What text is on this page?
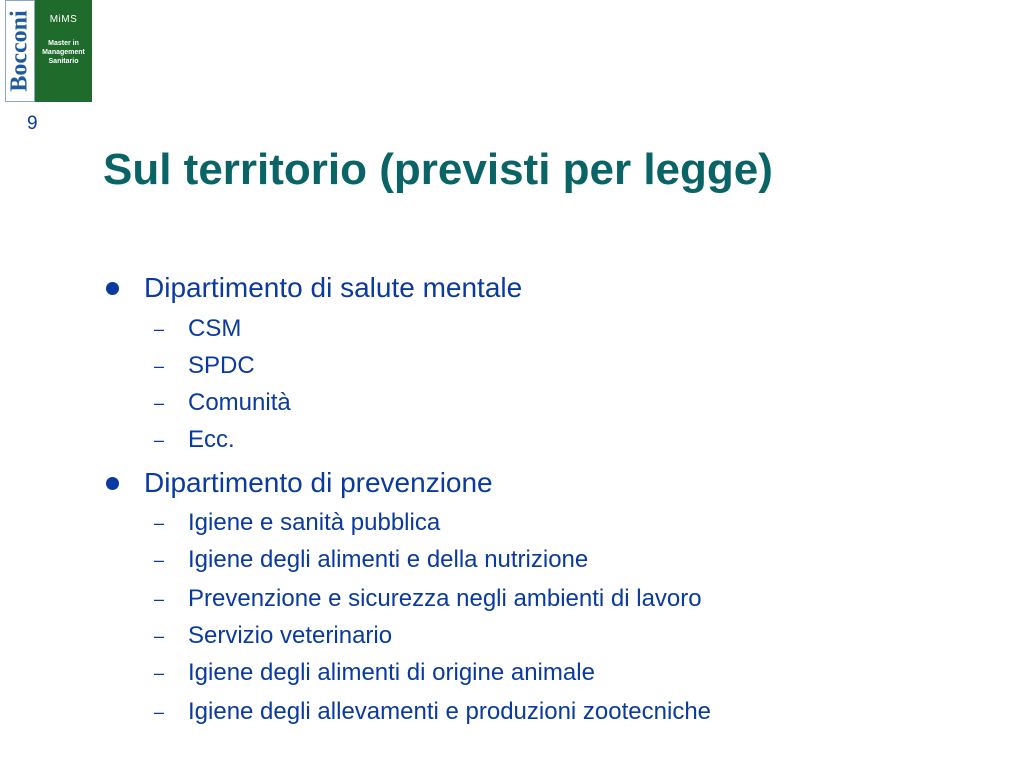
Bocconi MiMS
Master in
Management
Sanitario
9
Sul territorio (previsti per legge)
Dipartimento di salute mentale
– CSM
– SPDC
– Comunità
– Ecc.
Dipartimento di prevenzione
– Igiene e sanità pubblica
– Igiene degli alimenti e della nutrizione
– Prevenzione e sicurezza negli ambienti di lavoro
– Servizio veterinario
– Igiene degli alimenti di origine animale
– Igiene degli allevamenti e produzioni zootecniche
